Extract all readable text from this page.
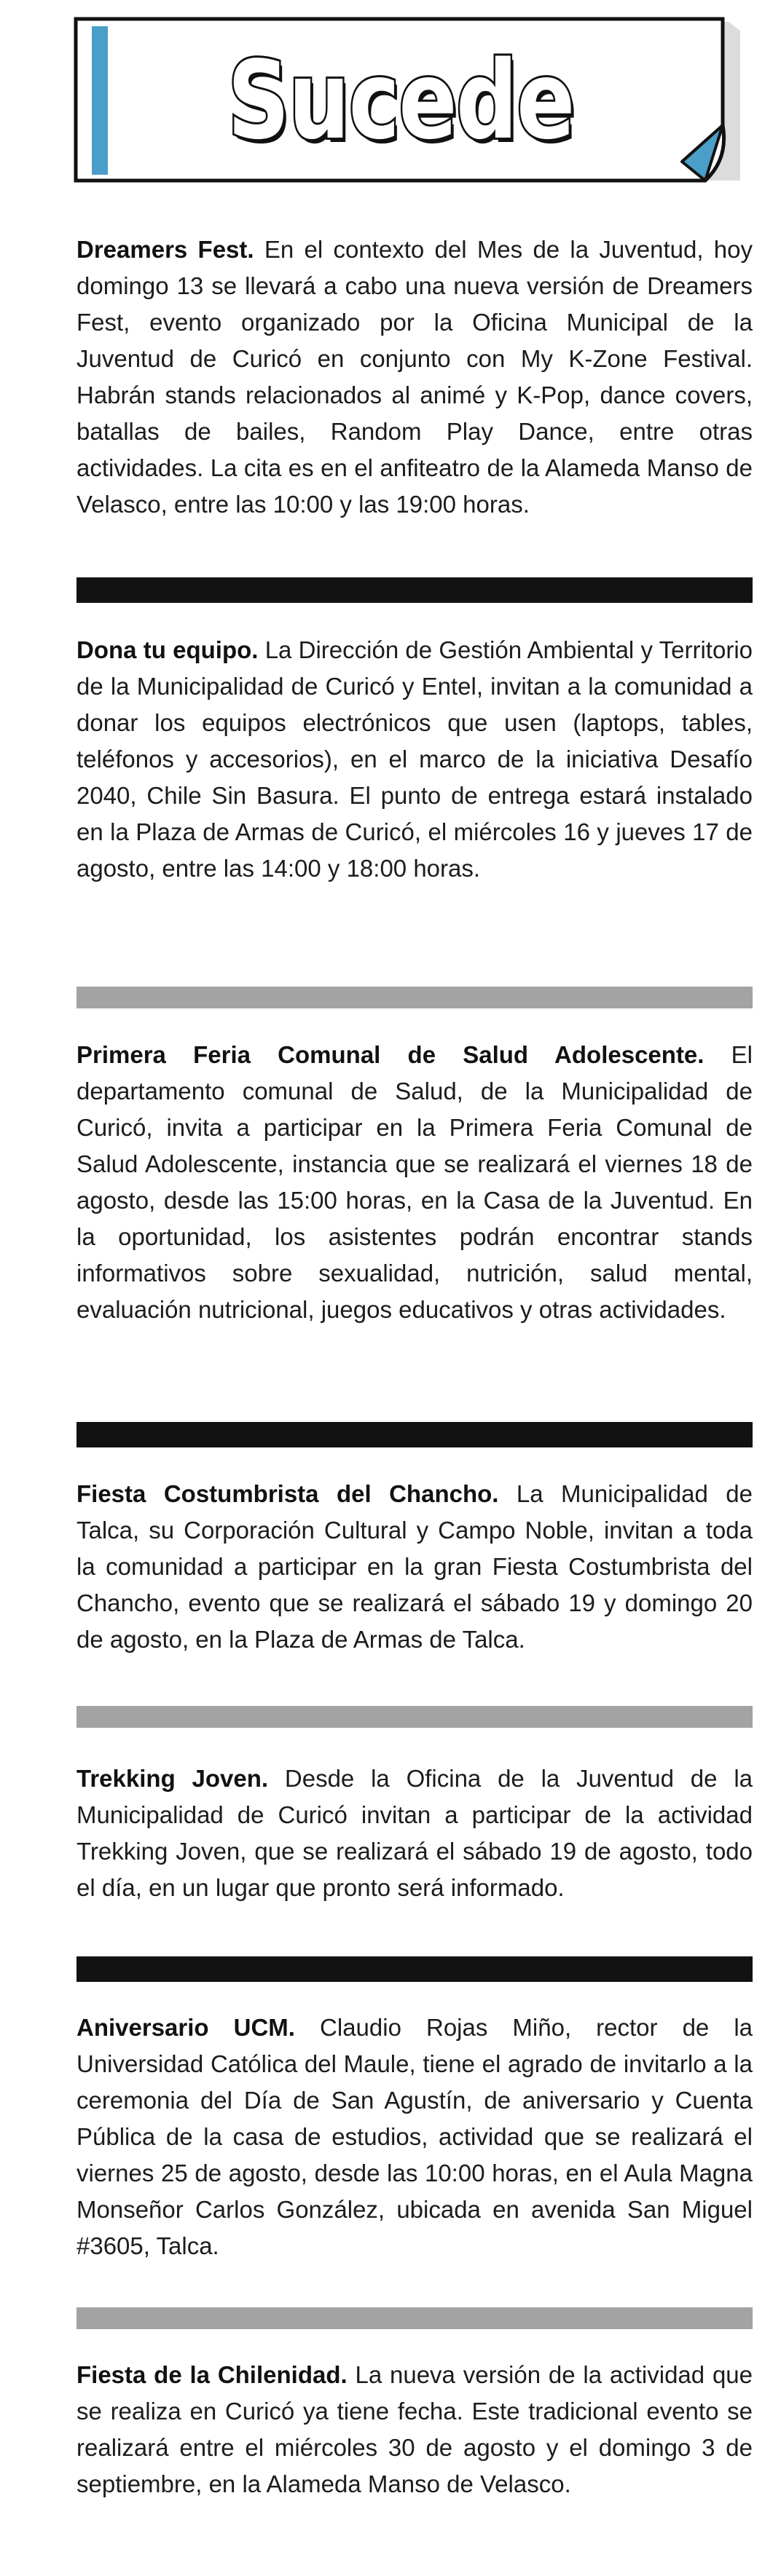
Sucede

Dreamers Fest. En el contexto del Mes de la Juventud, hoy domingo 13 se llevará a cabo una nueva versión de Dreamers Fest, evento organizado por la Oficina Municipal de la Juventud de Curicó en conjunto con My K-Zone Festival. Habrán stands relacionados al animé y K-Pop, dance covers, batallas de bailes, Random Play Dance, entre otras actividades. La cita es en el anfiteatro de la Alameda Manso de Velasco, entre las 10:00 y las 19:00 horas.

Dona tu equipo. La Dirección de Gestión Ambiental y Territorio de la Municipalidad de Curicó y Entel, invitan a la comunidad a donar los equipos electrónicos que usen (laptops, tables, teléfonos y accesorios), en el marco de la iniciativa Desafío 2040, Chile Sin Basura. El punto de entrega estará instalado en la Plaza de Armas de Curicó, el miércoles 16 y jueves 17 de agosto, entre las 14:00 y 18:00 horas.

Primera Feria Comunal de Salud Adolescente. El departamento comunal de Salud, de la Municipalidad de Curicó, invita a participar en la Primera Feria Comunal de Salud Adolescente, instancia que se realizará el viernes 18 de agosto, desde las 15:00 horas, en la Casa de la Juventud. En la oportunidad, los asistentes podrán encontrar stands informativos sobre sexualidad, nutrición, salud mental, evaluación nutricional, juegos educativos y otras actividades.

Fiesta Costumbrista del Chancho. La Municipalidad de Talca, su Corporación Cultural y Campo Noble, invitan a toda la comunidad a participar en la gran Fiesta Costumbrista del Chancho, evento que se realizará el sábado 19 y domingo 20 de agosto, en la Plaza de Armas de Talca.

Trekking Joven. Desde la Oficina de la Juventud de la Municipalidad de Curicó invitan a participar de la actividad Trekking Joven, que se realizará el sábado 19 de agosto, todo el día, en un lugar que pronto será informado.

Aniversario UCM. Claudio Rojas Miño, rector de la Universidad Católica del Maule, tiene el agrado de invitarlo a la ceremonia del Día de San Agustín, de aniversario y Cuenta Pública de la casa de estudios, actividad que se realizará el viernes 25 de agosto, desde las 10:00 horas, en el Aula Magna Monseñor Carlos González, ubicada en avenida San Miguel #3605, Talca.

Fiesta de la Chilenidad. La nueva versión de la actividad que se realiza en Curicó ya tiene fecha. Este tradicional evento se realizará entre el miércoles 30 de agosto y el domingo 3 de septiembre, en la Alameda Manso de Velasco.
